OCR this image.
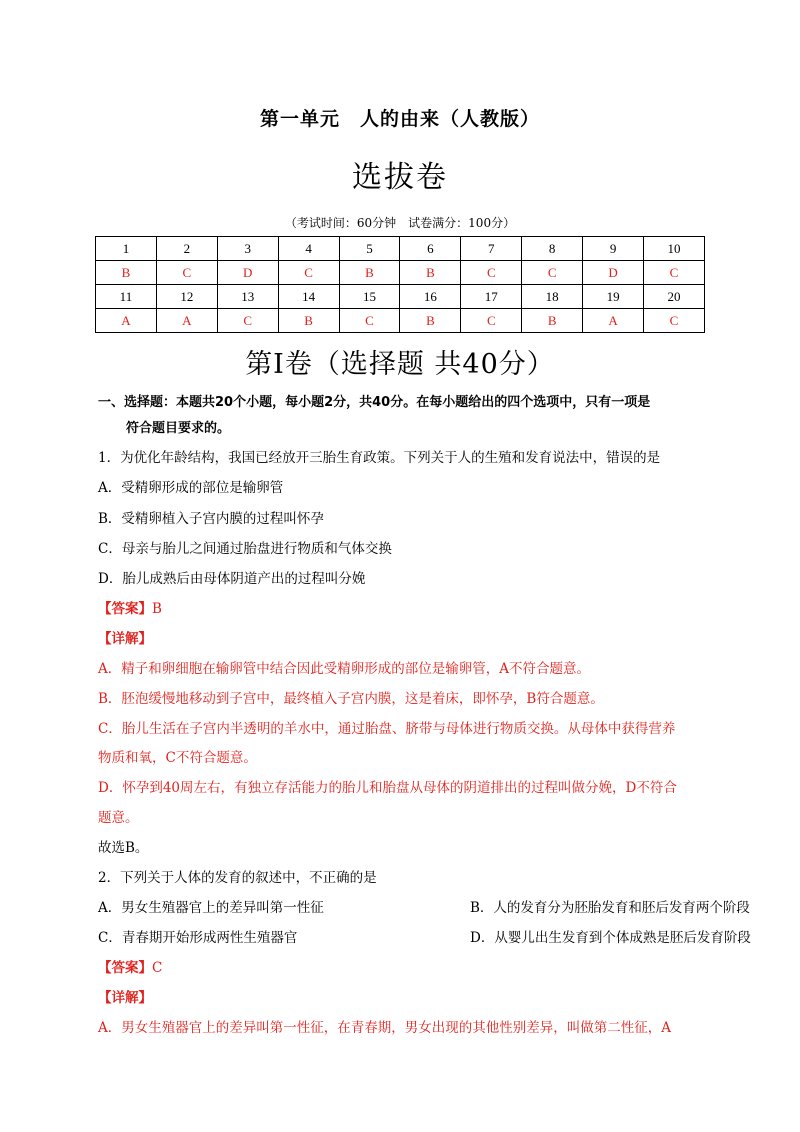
第一单元　人的由来（人教版）
选拔卷
（考试时间：60分钟　试卷满分：100分）
1	2	3	4	5	6	7	8	9	10
B	C	D	C	B	B	C	C	D	C
11	12	13	14	15	16	17	18	19	20
A	A	C	B	C	B	C	B	A	C
第Ⅰ卷（选择题 共40分）
一、选择题：本题共20个小题，每小题2分，共40分。在每小题给出的四个选项中，只有一项是
符合题目要求的。
1．为优化年龄结构，我国已经放开三胎生育政策。下列关于人的生殖和发育说法中，错误的是
A．受精卵形成的部位是输卵管
B．受精卵植入子宫内膜的过程叫怀孕
C．母亲与胎儿之间通过胎盘进行物质和气体交换
D．胎儿成熟后由母体阴道产出的过程叫分娩
【答案】B
【详解】
A．精子和卵细胞在输卵管中结合因此受精卵形成的部位是输卵管，A不符合题意。
B．胚泡缓慢地移动到子宫中，最终植入子宫内膜，这是着床，即怀孕，B符合题意。
C．胎儿生活在子宫内半透明的羊水中，通过胎盘、脐带与母体进行物质交换。从母体中获得营养
物质和氧，C不符合题意。
D．怀孕到40周左右，有独立存活能力的胎儿和胎盘从母体的阴道排出的过程叫做分娩，D不符合
题意。
故选B。
2．下列关于人体的发育的叙述中，不正确的是
A．男女生殖器官上的差异叫第一性征	B．人的发育分为胚胎发育和胚后发育两个阶段
C．青春期开始形成两性生殖器官	D．从婴儿出生发育到个体成熟是胚后发育阶段
【答案】C
【详解】
A．男女生殖器官上的差异叫第一性征，在青春期，男女出现的其他性别差异，叫做第二性征，A
